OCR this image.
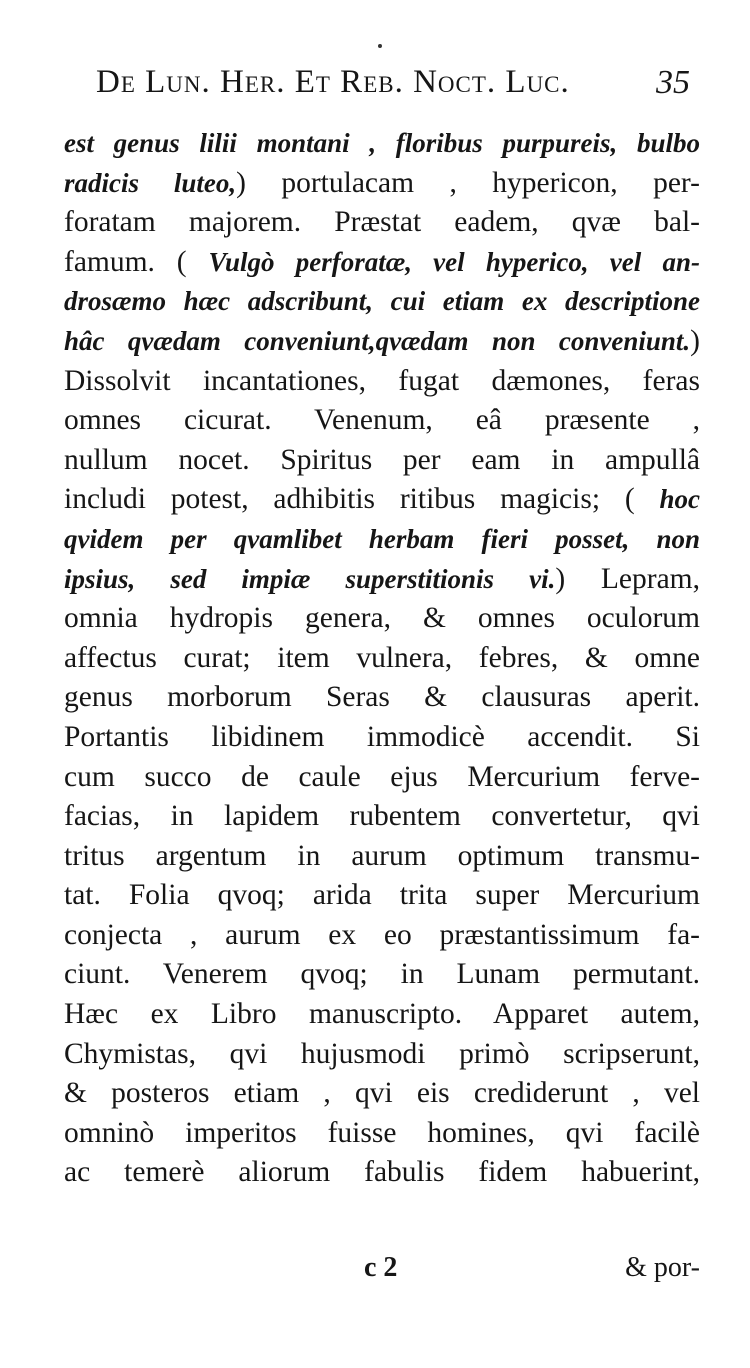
De Lun. Her. Et Reb. Noct. Luc.	35
est genus lilii montani , floribus purpureis, bulbo
radicis luteo,) portulacam , hypericon, per-
foratam majorem. Præstat eadem, qvæ bal-
famum. ( Vulgò perforatæ, vel hyperico, vel an-
drosæmo hæc adscribunt, cui etiam ex descriptione
hâc qvædam conveniunt,qvædam non conveniunt.)
Dissolvit incantationes, fugat dæmones, feras
omnes cicurat. Venenum, eâ præsente ,
nullum nocet. Spiritus per eam in ampullâ
includi potest, adhibitis ritibus magicis; ( hoc
qvidem per qvamlibet herbam fieri posset, non
ipsius, sed impiæ superstitionis vi.) Lepram,
omnia hydropis genera, & omnes oculorum
affectus curat; item vulnera, febres, & omne
genus morborum Seras & clausuras aperit.
Portantis libidinem immodicè accendit. Si
cum succo de caule ejus Mercurium ferve-
facias, in lapidem rubentem convertetur, qvi
tritus argentum in aurum optimum transmu-
tat. Folia qvoq; arida trita super Mercurium
conjecta , aurum ex eo præstantissimum fa-
ciunt. Venerem qvoq; in Lunam permutant.
Hæc ex Libro manuscripto. Apparet autem,
Chymistas, qvi hujusmodi primò scripserunt,
& posteros etiam , qvi eis crediderunt , vel
omninò imperitos fuisse homines, qvi facilè
ac temerè aliorum fabulis fidem habuerint,
c 2	& por-
